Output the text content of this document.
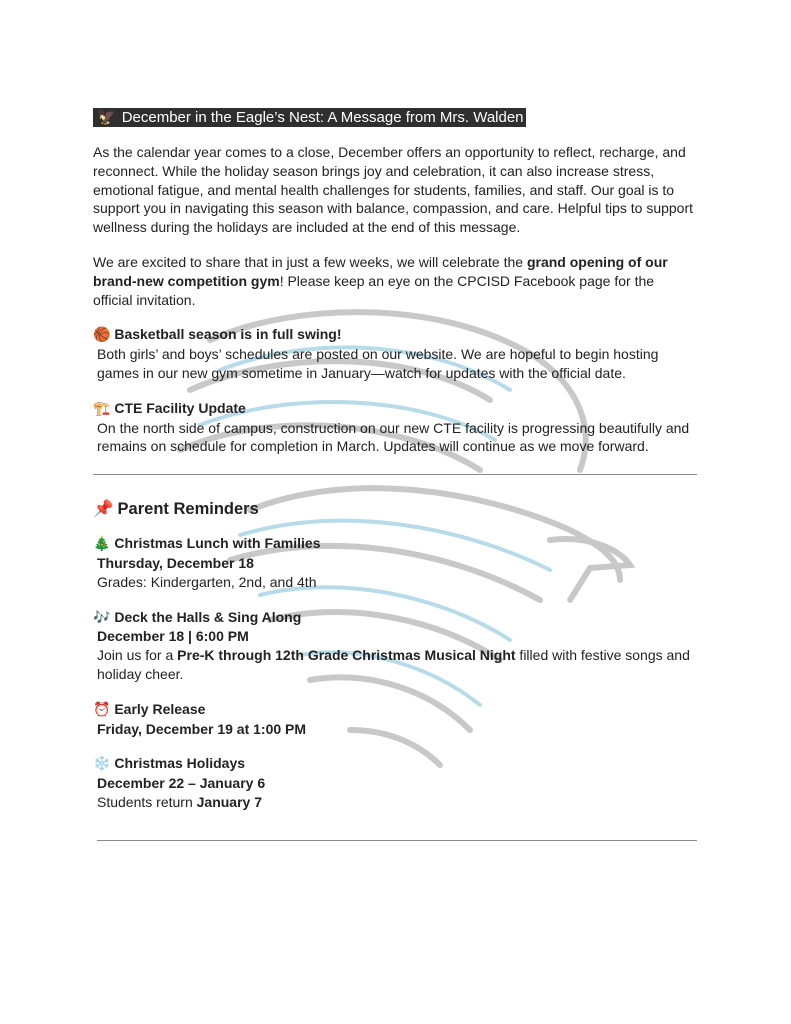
🦅 December in the Eagle’s Nest: A Message from Mrs. Walden

As the calendar year comes to a close, December offers an opportunity to reflect, recharge, and reconnect. While the holiday season brings joy and celebration, it can also increase stress, emotional fatigue, and mental health challenges for students, families, and staff. Our goal is to support you in navigating this season with balance, compassion, and care. Helpful tips to support wellness during the holidays are included at the end of this message.

We are excited to share that in just a few weeks, we will celebrate the grand opening of our brand-new competition gym! Please keep an eye on the CPCISD Facebook page for the official invitation.

🏀 Basketball season is in full swing!

Both girls’ and boys’ schedules are posted on our website. We are hopeful to begin hosting games in our new gym sometime in January—watch for updates with the official date.

🏗️ CTE Facility Update

On the north side of campus, construction on our new CTE facility is progressing beautifully and remains on schedule for completion in March. Updates will continue as we move forward.

📌 Parent Reminders

🎄 Christmas Lunch with Families

Thursday, December 18

Grades: Kindergarten, 2nd, and 4th

🎶 Deck the Halls & Sing Along

December 18 | 6:00 PM

Join us for a Pre-K through 12th Grade Christmas Musical Night filled with festive songs and holiday cheer.

⏰ Early Release

Friday, December 19 at 1:00 PM

❄️ Christmas Holidays

December 22 – January 6

Students return January 7
